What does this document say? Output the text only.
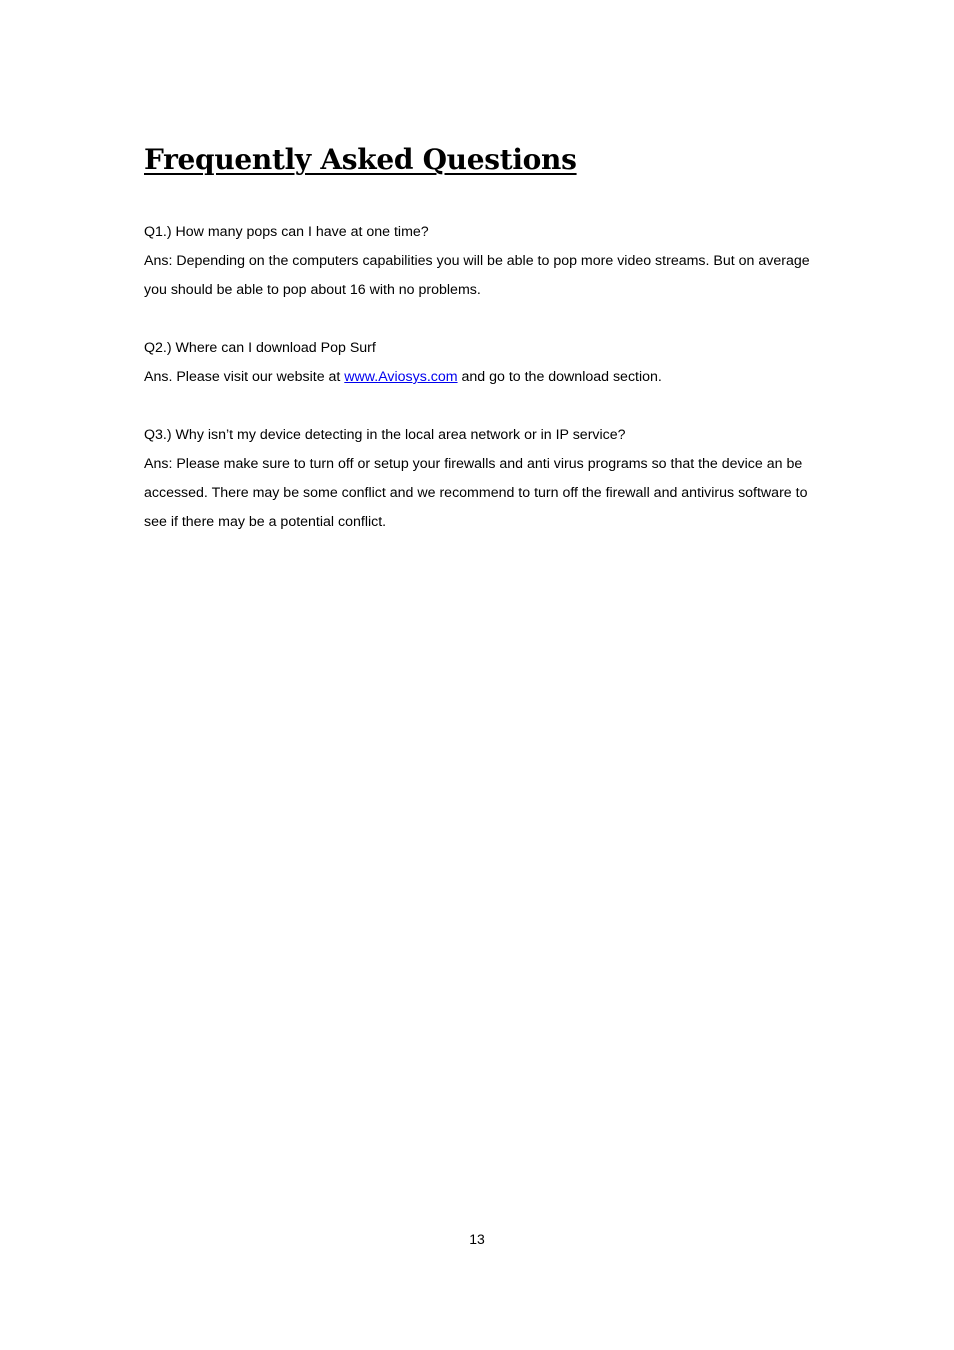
Frequently Asked Questions
Q1.) How many pops can I have at one time?
Ans: Depending on the computers capabilities you will be able to pop more video streams. But on average you should be able to pop about 16 with no problems.
Q2.) Where can I download Pop Surf
Ans. Please visit our website at www.Aviosys.com and go to the download section.
Q3.) Why isn’t my device detecting in the local area network or in IP service?
Ans: Please make sure to turn off or setup your firewalls and anti virus programs so that the device an be accessed. There may be some conflict and we recommend to turn off the firewall and antivirus software to see if there may be a potential conflict.
13
